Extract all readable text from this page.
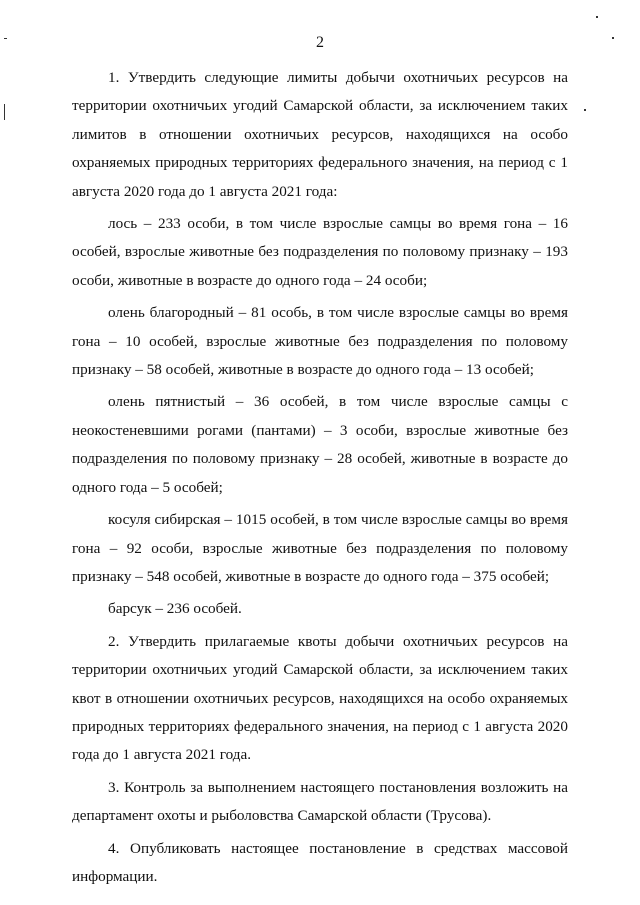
2

1. Утвердить следующие лимиты добычи охотничьих ресурсов на территории охотничьих угодий Самарской области, за исключением таких лимитов в отношении охотничьих ресурсов, находящихся на особо охраняемых природных территориях федерального значения, на период с 1 августа 2020 года до 1 августа 2021 года:

лось – 233 особи, в том числе взрослые самцы во время гона – 16 особей, взрослые животные без подразделения по половому признаку – 193 особи, животные в возрасте до одного года – 24 особи;

олень благородный – 81 особь, в том числе взрослые самцы во время гона – 10 особей, взрослые животные без подразделения по половому признаку – 58 особей, животные в возрасте до одного года – 13 особей;

олень пятнистый – 36 особей, в том числе взрослые самцы с неокостеневшими рогами (пантами) – 3 особи, взрослые животные без подразделения по половому признаку – 28 особей, животные в возрасте до одного года – 5 особей;

косуля сибирская – 1015 особей, в том числе взрослые самцы во время гона – 92 особи, взрослые животные без подразделения по половому признаку – 548 особей, животные в возрасте до одного года – 375 особей;

барсук – 236 особей.

2. Утвердить прилагаемые квоты добычи охотничьих ресурсов на территории охотничьих угодий Самарской области, за исключением таких квот в отношении охотничьих ресурсов, находящихся на особо охраняемых природных территориях федерального значения, на период с 1 августа 2020 года до 1 августа 2021 года.

3. Контроль за выполнением настоящего постановления возложить на департамент охоты и рыболовства Самарской области (Трусова).

4. Опубликовать настоящее постановление в средствах массовой информации.
